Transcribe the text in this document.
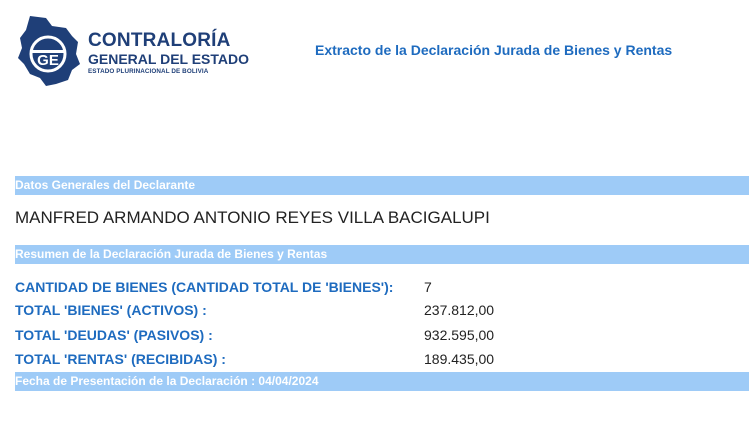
GE
CONTRALORÍA
GENERAL DEL ESTADO
ESTADO PLURINACIONAL DE BOLIVIA
Extracto de la Declaración Jurada de Bienes y Rentas
Datos Generales del Declarante
MANFRED ARMANDO ANTONIO REYES VILLA BACIGALUPI
Resumen de la Declaración Jurada de Bienes y Rentas
CANTIDAD DE BIENES (CANTIDAD TOTAL DE 'BIENES'): 7
TOTAL 'BIENES' (ACTIVOS) :	237.812,00
TOTAL 'DEUDAS' (PASIVOS) :	932.595,00
TOTAL 'RENTAS' (RECIBIDAS) :	189.435,00
Fecha de Presentación de la Declaración : 04/04/2024
